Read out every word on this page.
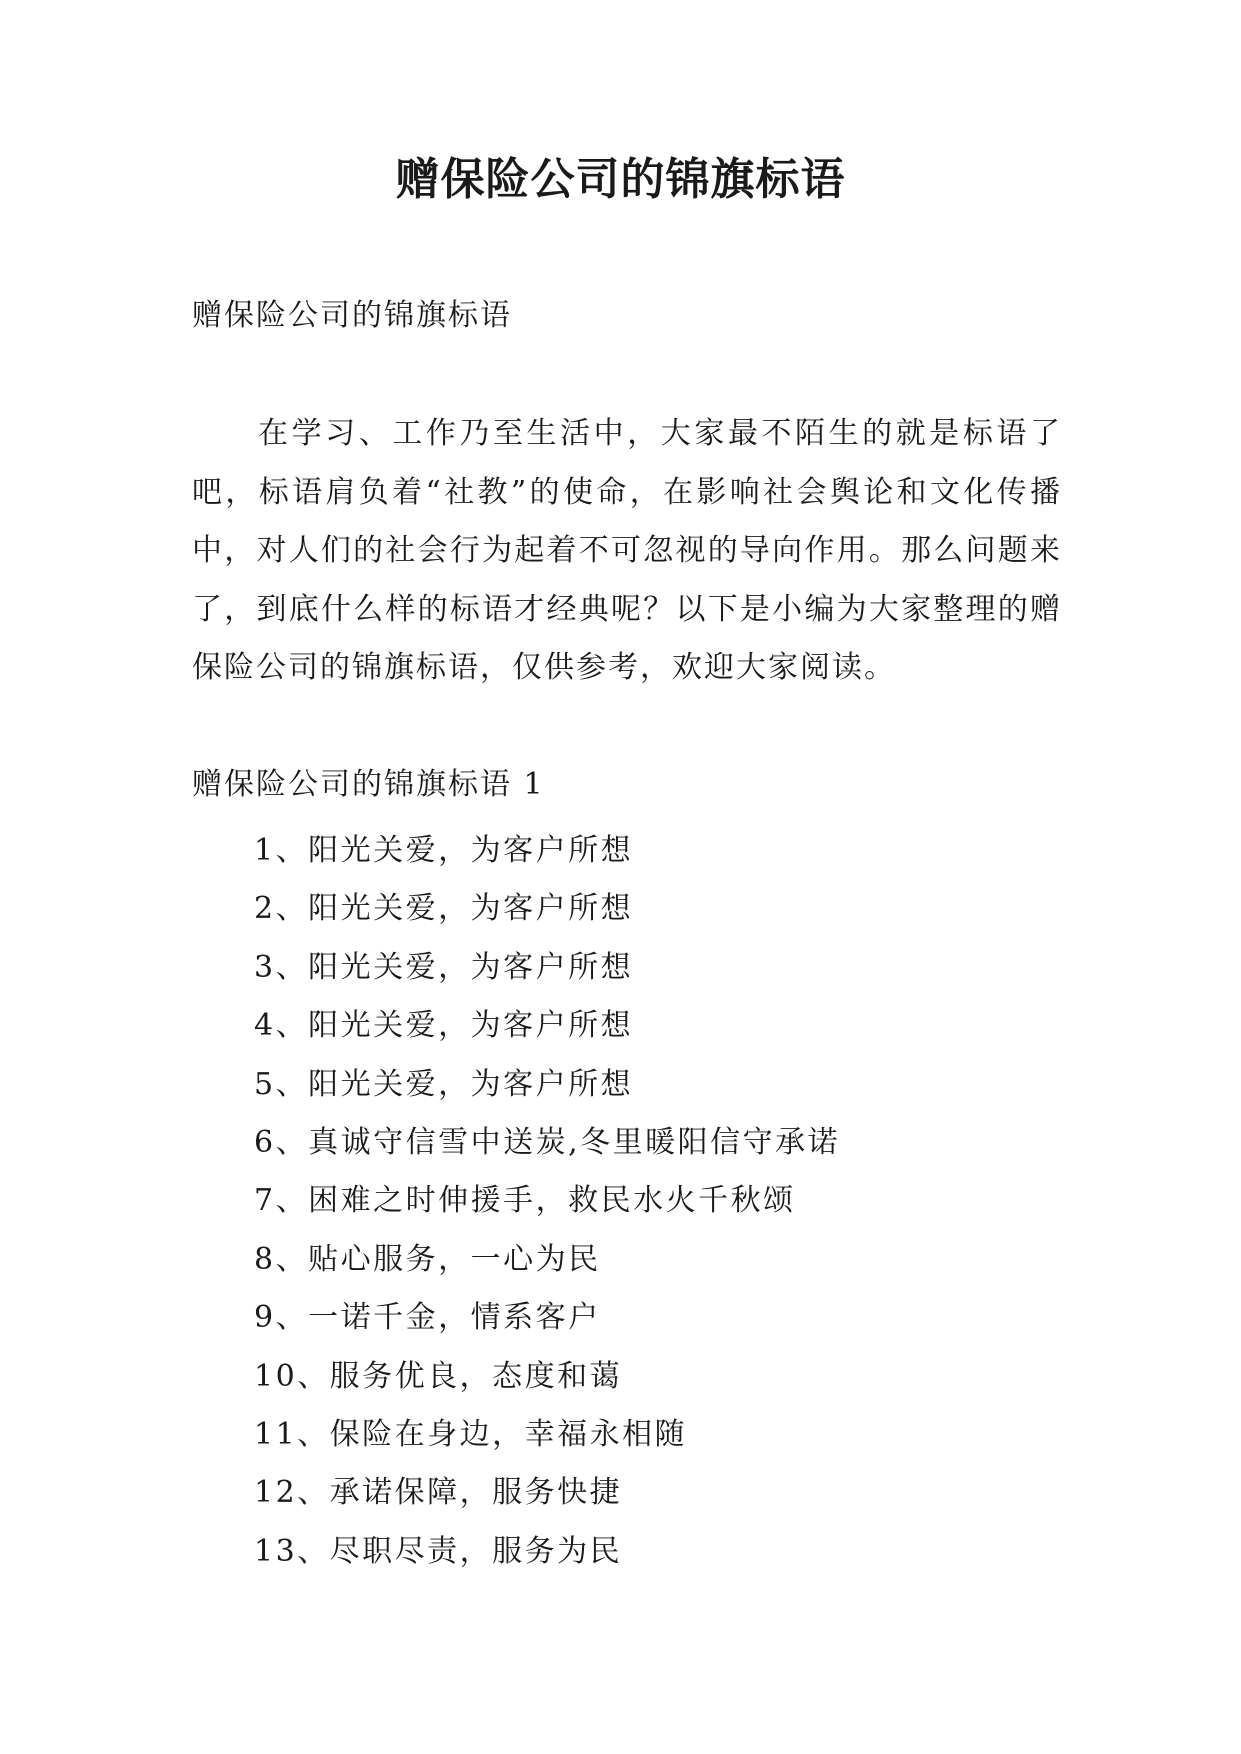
赠保险公司的锦旗标语

赠保险公司的锦旗标语

在学习、工作乃至生活中，大家最不陌生的就是标语了吧，标语肩负着“社教”的使命，在影响社会舆论和文化传播中，对人们的社会行为起着不可忽视的导向作用。那么问题来了，到底什么样的标语才经典呢？以下是小编为大家整理的赠保险公司的锦旗标语，仅供参考，欢迎大家阅读。

赠保险公司的锦旗标语 1

1、阳光关爱，为客户所想
2、阳光关爱，为客户所想
3、阳光关爱，为客户所想
4、阳光关爱，为客户所想
5、阳光关爱，为客户所想
6、真诚守信雪中送炭,冬里暖阳信守承诺
7、困难之时伸援手，救民水火千秋颂
8、贴心服务，一心为民
9、一诺千金，情系客户
10、服务优良，态度和蔼
11、保险在身边，幸福永相随
12、承诺保障，服务快捷
13、尽职尽责，服务为民
